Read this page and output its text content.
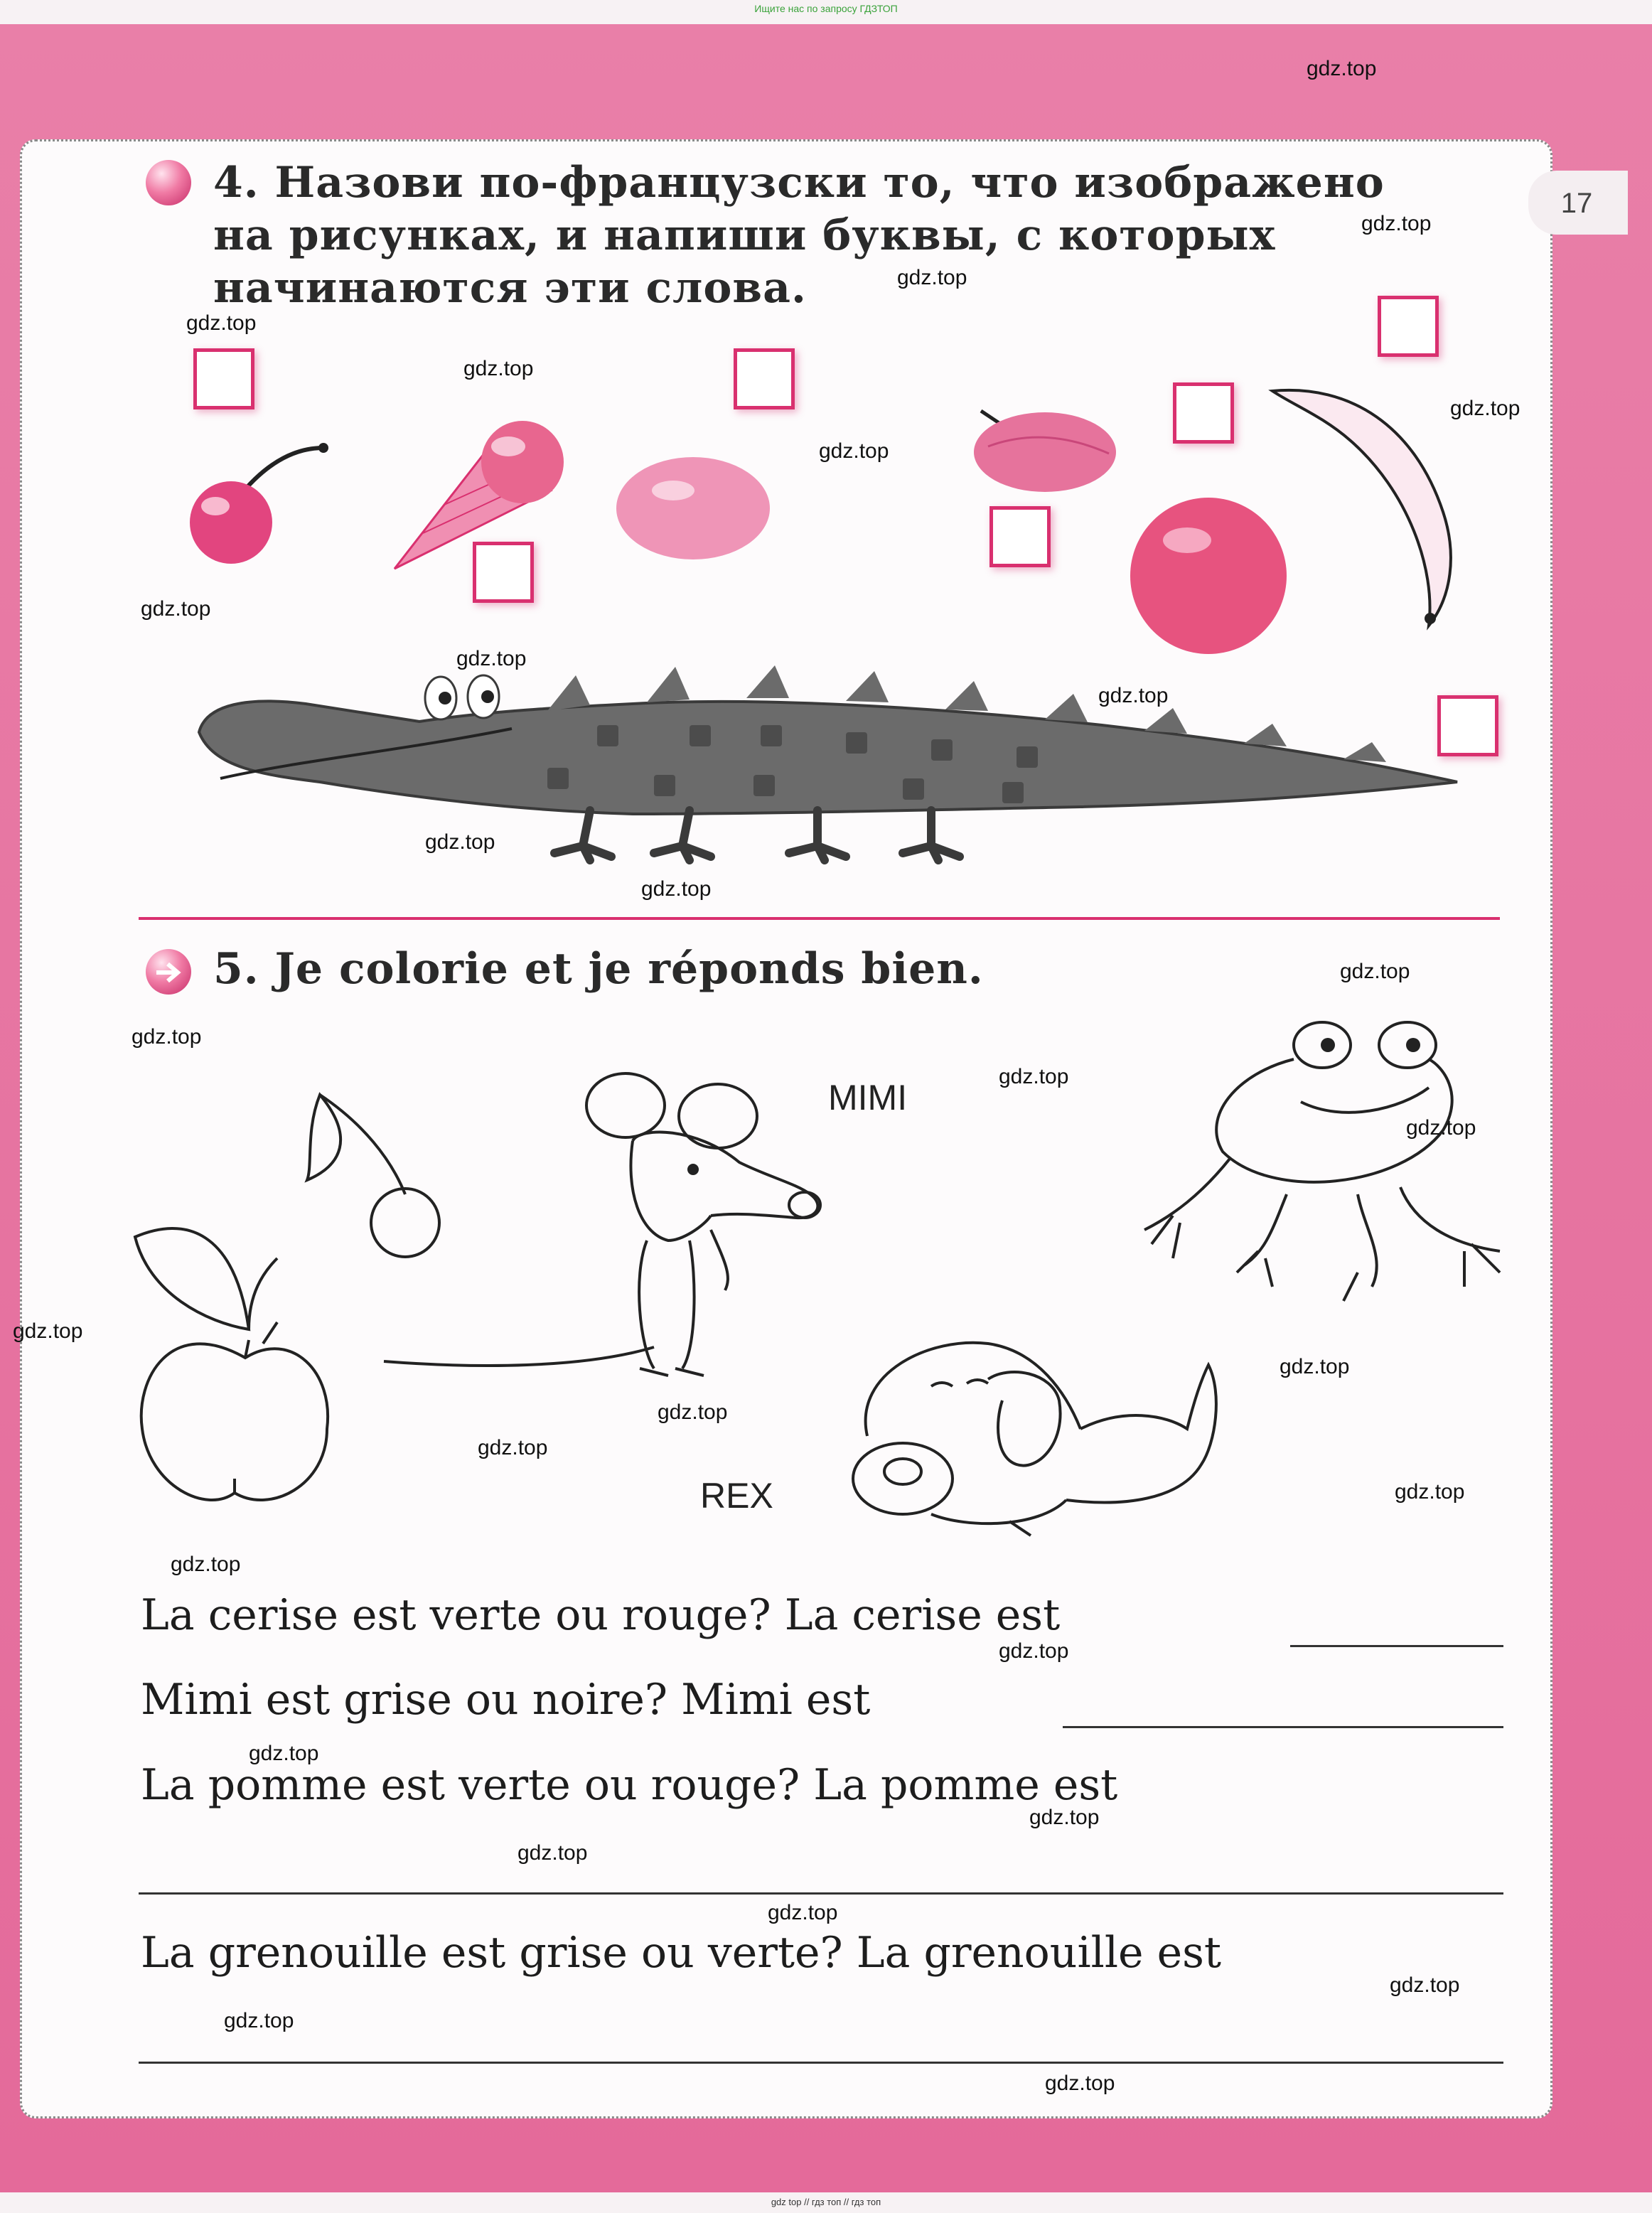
Ищите нас по запросу ГДЗТОП
17
4. Назови по-французски то, что изображено
на рисунках, и напиши буквы, с которых
начинаются эти слова.
5. Je colorie et je réponds bien.
MIMI
REX
La cerise est verte ou rouge? La cerise est
Mimi est grise ou noire? Mimi est
La pomme est verte ou rouge? La pomme est
La grenouille est grise ou verte? La grenouille est
gdz.top
gdz.top
gdz.top
gdz.top
gdz.top
gdz.top
gdz.top
gdz.top
gdz.top
gdz.top
gdz.top
gdz.top
gdz.top
gdz.top
gdz.top
gdz.top
gdz.top
gdz.top
gdz.top
gdz.top
gdz.top
gdz.top
gdz.top
gdz.top
gdz.top
gdz.top
gdz.top
gdz.top
gdz.top
gdz.top
gdz top // гдз топ // гдз топ
